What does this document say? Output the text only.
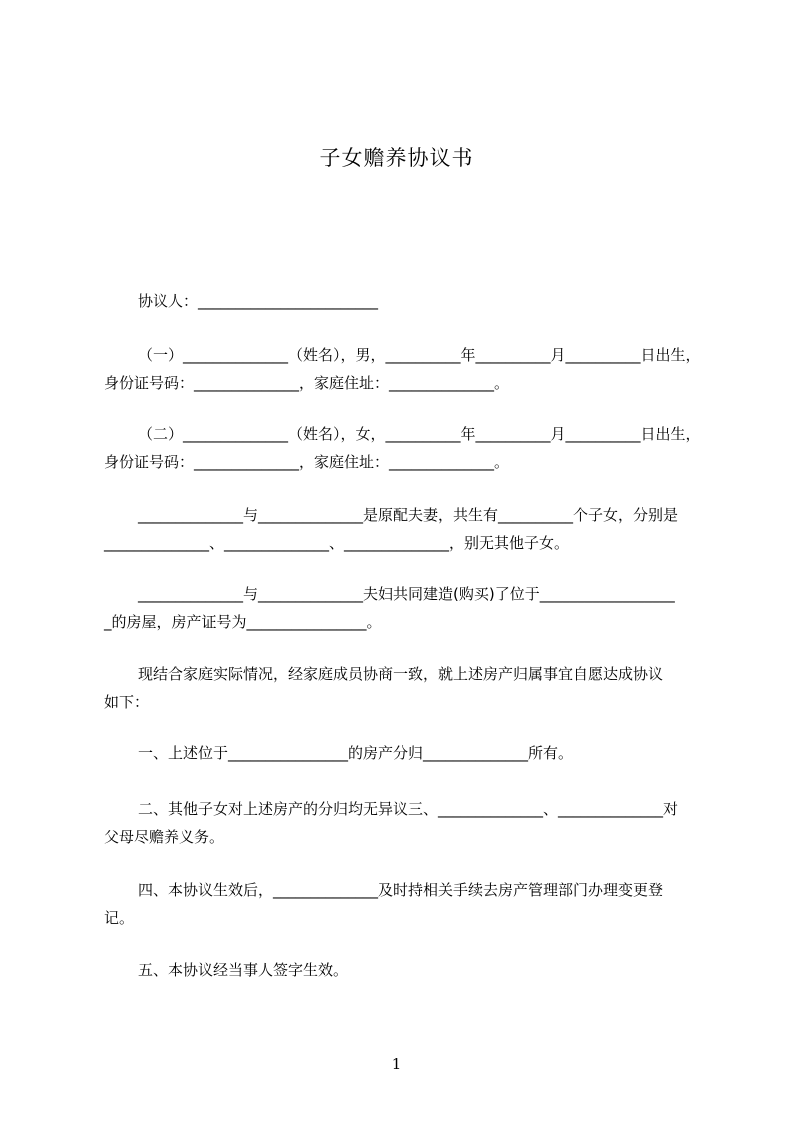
子女赡养协议书
协议人：________________________
（一）______________（姓名），男，__________年__________月__________日出生，
身份证号码：______________，家庭住址：______________。
（二）______________（姓名），女，__________年__________月__________日出生，
身份证号码：______________，家庭住址：______________。
______________与______________是原配夫妻，共生有__________个子女，分别是
______________、______________、______________，别无其他子女。
______________与______________夫妇共同建造(购买)了位于__________________
_的房屋，房产证号为________________。
现结合家庭实际情况，经家庭成员协商一致，就上述房产归属事宜自愿达成协议
如下：
一、上述位于________________的房产分归______________所有。
二、其他子女对上述房产的分归均无异议三、______________、______________对
父母尽赡养义务。
四、本协议生效后，______________及时持相关手续去房产管理部门办理变更登
记。
五、本协议经当事人签字生效。
1
